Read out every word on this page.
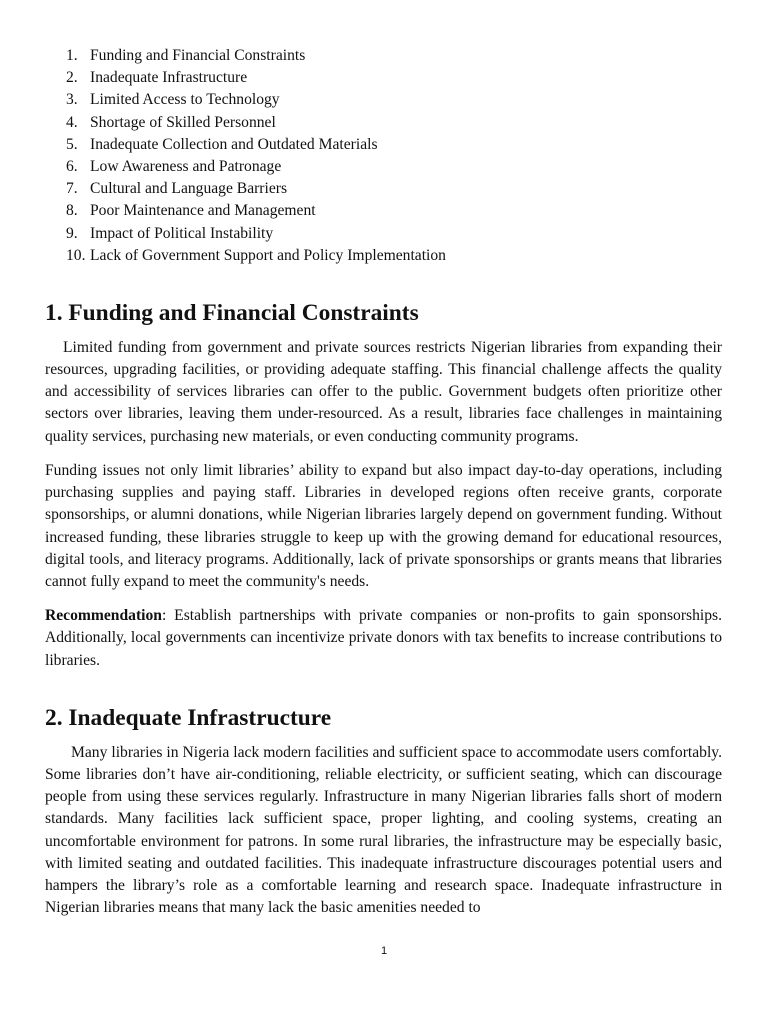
1. Funding and Financial Constraints
2. Inadequate Infrastructure
3. Limited Access to Technology
4. Shortage of Skilled Personnel
5. Inadequate Collection and Outdated Materials
6. Low Awareness and Patronage
7. Cultural and Language Barriers
8. Poor Maintenance and Management
9. Impact of Political Instability
10. Lack of Government Support and Policy Implementation
1. Funding and Financial Constraints

Limited funding from government and private sources restricts Nigerian libraries from expanding their resources, upgrading facilities, or providing adequate staffing. This financial challenge affects the quality and accessibility of services libraries can offer to the public. Government budgets often prioritize other sectors over libraries, leaving them under-resourced. As a result, libraries face challenges in maintaining quality services, purchasing new materials, or even conducting community programs.

Funding issues not only limit libraries’ ability to expand but also impact day-to-day operations, including purchasing supplies and paying staff. Libraries in developed regions often receive grants, corporate sponsorships, or alumni donations, while Nigerian libraries largely depend on government funding. Without increased funding, these libraries struggle to keep up with the growing demand for educational resources, digital tools, and literacy programs. Additionally, lack of private sponsorships or grants means that libraries cannot fully expand to meet the community's needs.

Recommendation: Establish partnerships with private companies or non-profits to gain sponsorships. Additionally, local governments can incentivize private donors with tax benefits to increase contributions to libraries.

2. Inadequate Infrastructure

Many libraries in Nigeria lack modern facilities and sufficient space to accommodate users comfortably. Some libraries don’t have air-conditioning, reliable electricity, or sufficient seating, which can discourage people from using these services regularly. Infrastructure in many Nigerian libraries falls short of modern standards. Many facilities lack sufficient space, proper lighting, and cooling systems, creating an uncomfortable environment for patrons. In some rural libraries, the infrastructure may be especially basic, with limited seating and outdated facilities. This inadequate infrastructure discourages potential users and hampers the library’s role as a comfortable learning and research space. Inadequate infrastructure in Nigerian libraries means that many lack the basic amenities needed to

1
